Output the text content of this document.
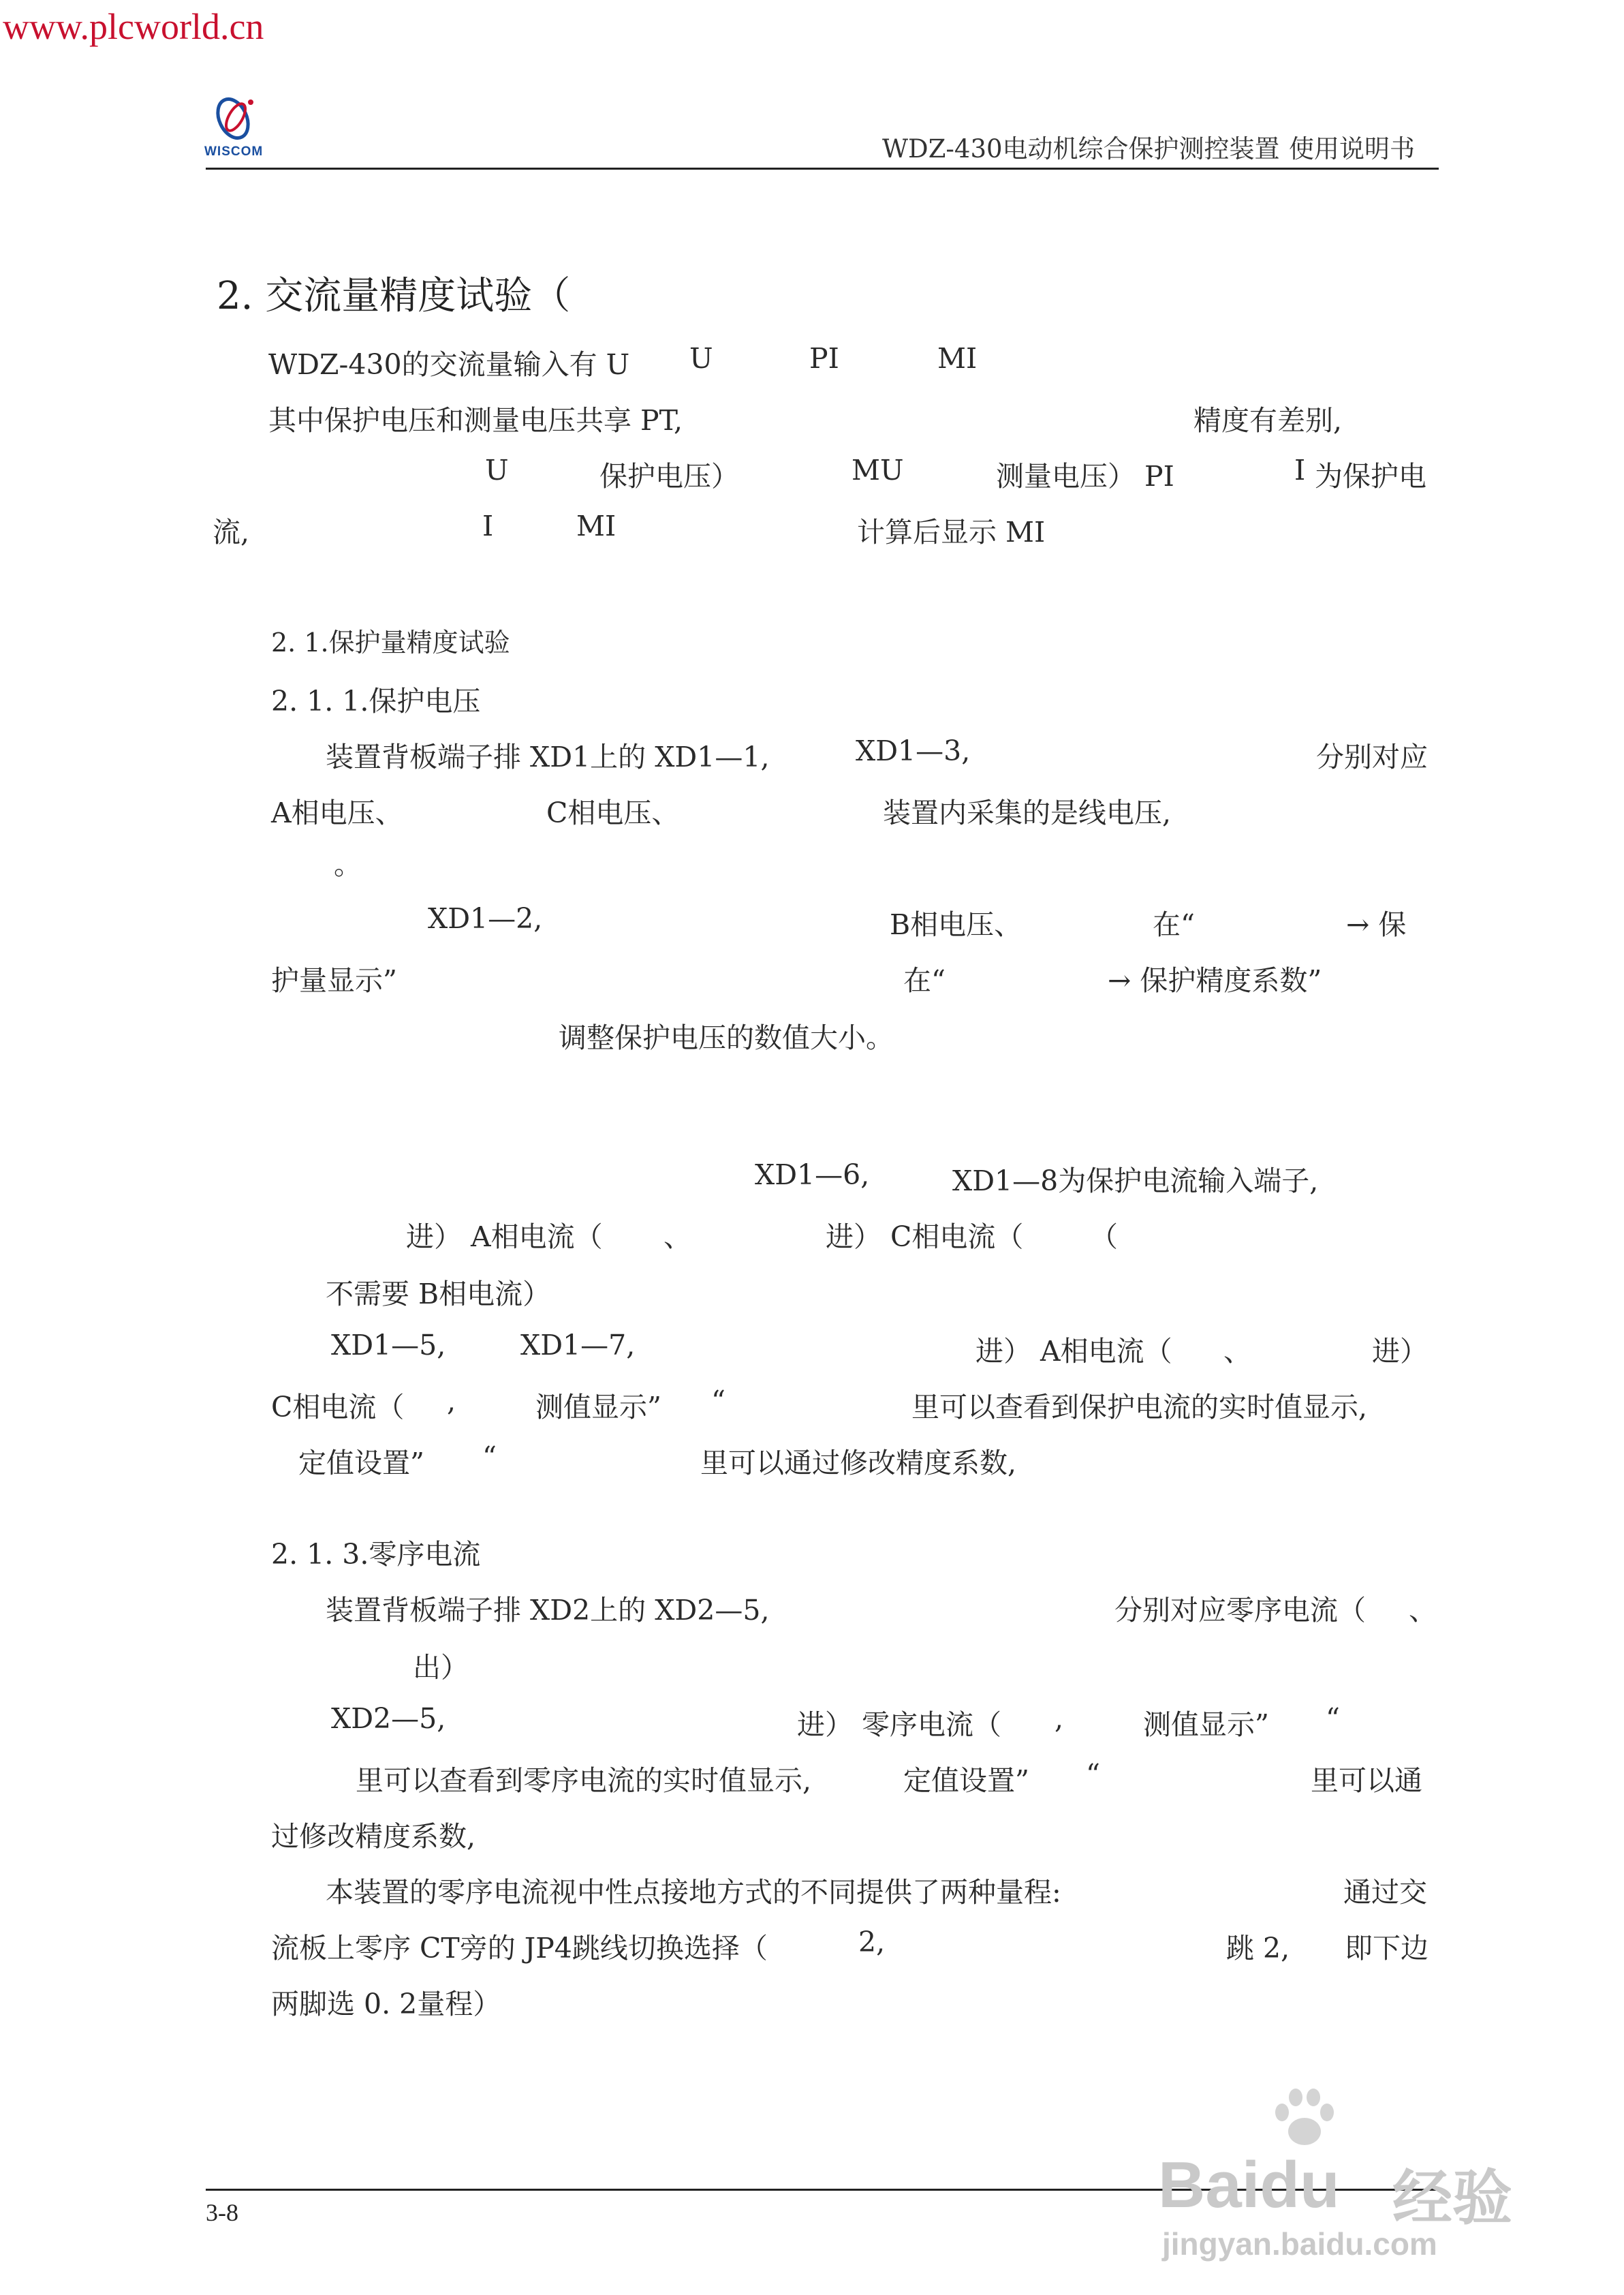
www.plcworld.cn
WISCOM	WDZ-430电动机综合保护测控装置 使用说明书
2. 交流量精度试验（
WDZ-430的交流量输入有 U U	PI	MI
其中保护电压和测量电压共享 PT,	精度有差别,
U	保护电压）	MU	测量电压） PI	I 为保护电
流,	I	MI	计算后显示 MI
2. 1.保护量精度试验
2. 1. 1.保护电压
装置背板端子排 XD1上的 XD1—1,	XD1—3,	分别对应
A相电压、	C相电压、	装置内采集的是线电压,
。
XD1—2,	B相电压、	在“	→ 保
护量显示”	在“	→ 保护精度系数”
调整保护电压的数值大小。
XD1—6,	XD1—8为保护电流输入端子,
进） A相电流（ 、	进） C相电流（ （
不需要 B相电流）
XD1—5,	XD1—7,	进） A相电流（ 、	进）
C相电流（ ,	测值显示” “	里可以查看到保护电流的实时值显示,
定值设置” “	里可以通过修改精度系数,
2. 1. 3.零序电流
装置背板端子排 XD2上的 XD2—5,	分别对应零序电流（ 、
出）
XD2—5,	进） 零序电流（ ,	测值显示” “
里可以查看到零序电流的实时值显示,	定值设置” “	里可以通
过修改精度系数,
本装置的零序电流视中性点接地方式的不同提供了两种量程:	通过交
流板上零序 CT旁的 JP4跳线切换选择（	2,	跳 2, 即下边
两脚选 0. 2量程）
3-8	Baidu 经验
jingyan.baidu.com
